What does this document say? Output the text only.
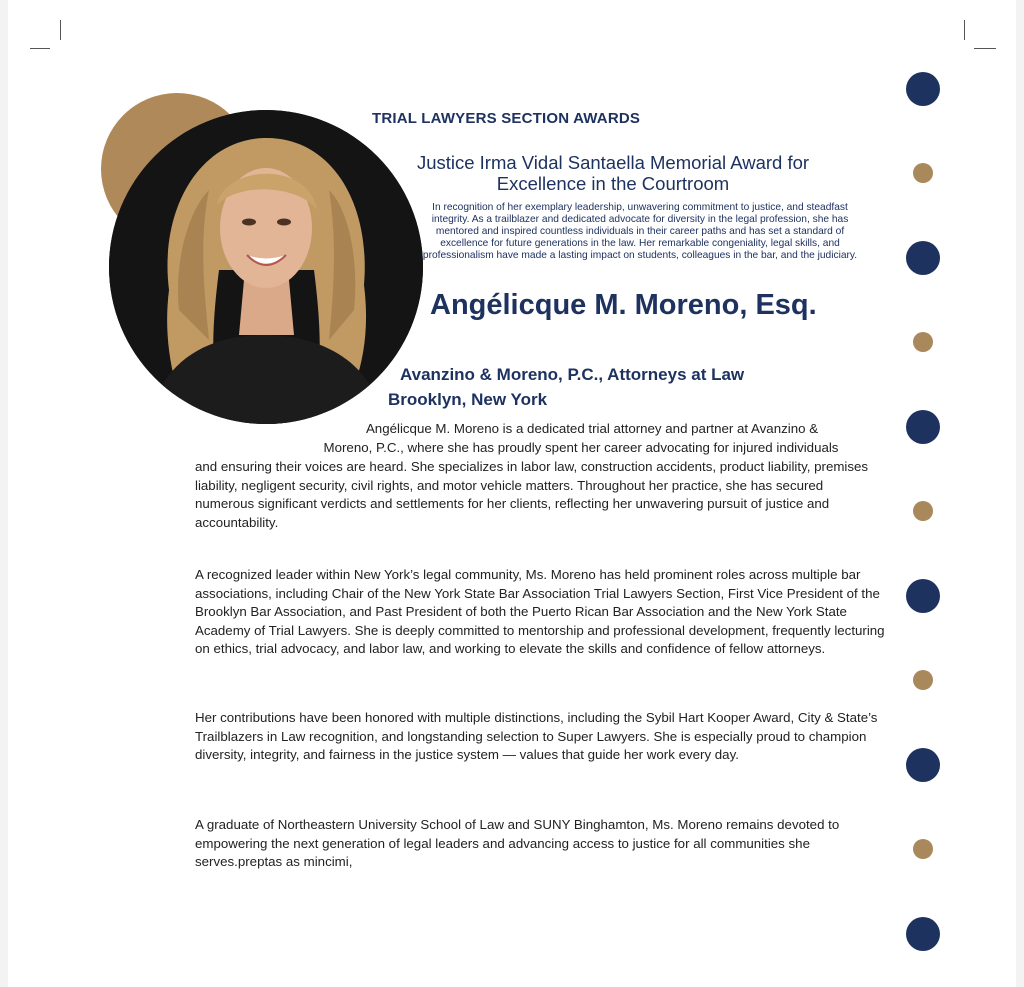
TRIAL LAWYERS SECTION AWARDS
Justice Irma Vidal Santaella Memorial Award for
Excellence in the Courtroom
In recognition of her exemplary leadership, unwavering commitment to justice, and steadfast integrity. As a trailblazer and dedicated advocate for diversity in the legal profession, she has mentored and inspired countless individuals in their career paths and has set a standard of excellence for future generations in the law. Her remarkable congeniality, legal skills, and professionalism have made a lasting impact on students, colleagues in the bar, and the judiciary.
Angélicque M. Moreno, Esq.
Avanzino & Moreno, P.C., Attorneys at Law
Brooklyn, New York
Angélicque M. Moreno is a dedicated trial attorney and partner at Avanzino &
Moreno, P.C., where she has proudly spent her career advocating for injured individuals
and ensuring their voices are heard. She specializes in labor law, construction accidents, product liability, premises liability, negligent security, civil rights, and motor vehicle matters. Throughout her practice, she has secured numerous significant verdicts and settlements for her clients, reflecting her unwavering pursuit of justice and accountability.
A recognized leader within New York’s legal community, Ms. Moreno has held prominent roles across multiple bar associations, including Chair of the New York State Bar Association Trial Lawyers Section, First Vice President of the Brooklyn Bar Association, and Past President of both the Puerto Rican Bar Association and the New York State Academy of Trial Lawyers. She is deeply committed to mentorship and professional development, frequently lecturing on ethics, trial advocacy, and labor law, and working to elevate the skills and confidence of fellow attorneys.
Her contributions have been honored with multiple distinctions, including the Sybil Hart Kooper Award, City & State’s Trailblazers in Law recognition, and longstanding selection to Super Lawyers. She is especially proud to champion diversity, integrity, and fairness in the justice system — values that guide her work every day.
A graduate of Northeastern University School of Law and SUNY Binghamton, Ms. Moreno remains devoted to empowering the next generation of legal leaders and advancing access to justice for all communities she serves.preptas as mincimi,
